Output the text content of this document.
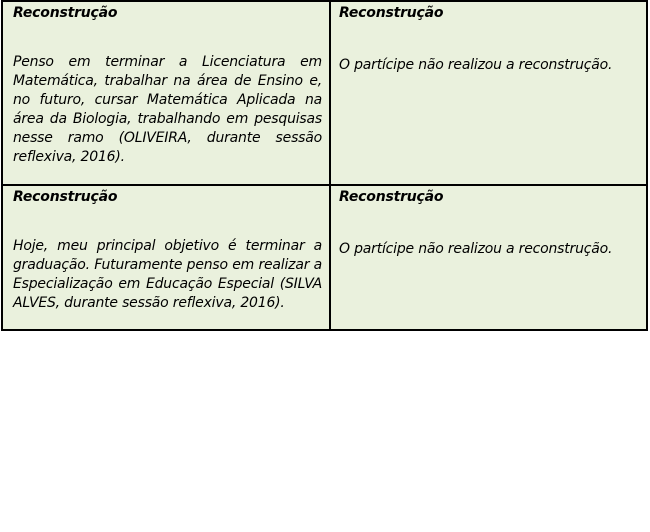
Reconstrução
Penso em terminar a Licenciatura em Matemática, trabalhar na área de Ensino e, no futuro, cursar Matemática Aplicada na área da Biologia, trabalhando em pesquisas nesse ramo (OLIVEIRA, durante sessão reflexiva, 2016).
Reconstrução
O partícipe não realizou a reconstrução.
Reconstrução
Hoje, meu principal objetivo é terminar a graduação. Futuramente penso em realizar a Especialização em Educação Especial (SILVA ALVES, durante sessão reflexiva, 2016).
Reconstrução
O partícipe não realizou a reconstrução.
